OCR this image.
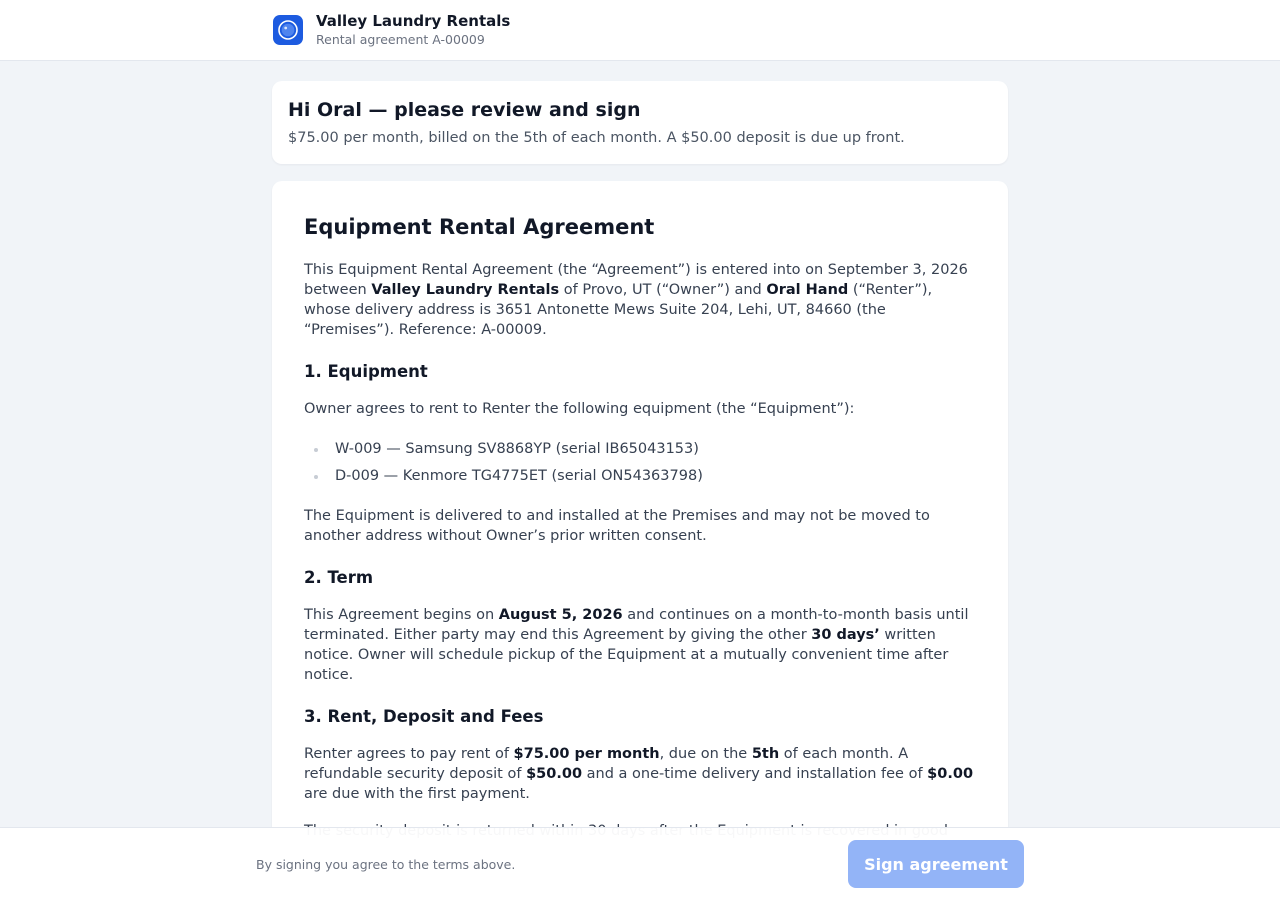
Valley Laundry Rentals
Rental agreement A-00009
Hi Oral — please review and sign
$75.00 per month, billed on the 5th of each month. A $50.00 deposit is due up front.
Equipment Rental Agreement

This Equipment Rental Agreement (the “Agreement”) is entered into on September 3, 2026 between Valley Laundry Rentals of Provo, UT (“Owner”) and Oral Hand (“Renter”), whose delivery address is 3651 Antonette Mews Suite 204, Lehi, UT, 84660 (the “Premises”). Reference: A-00009.

1. Equipment

Owner agrees to rent to Renter the following equipment (the “Equipment”):

W-009 — Samsung SV8868YP (serial IB65043153)
D-009 — Kenmore TG4775ET (serial ON54363798)

The Equipment is delivered to and installed at the Premises and may not be moved to another address without Owner’s prior written consent.

2. Term

This Agreement begins on August 5, 2026 and continues on a month-to-month basis until terminated. Either party may end this Agreement by giving the other 30 days’ written notice. Owner will schedule pickup of the Equipment at a mutually convenient time after notice.

3. Rent, Deposit and Fees

Renter agrees to pay rent of $75.00 per month, due on the 5th of each month. A refundable security deposit of $50.00 and a one-time delivery and installation fee of $0.00 are due with the first payment.

By signing you agree to the terms above.	Sign agreement
